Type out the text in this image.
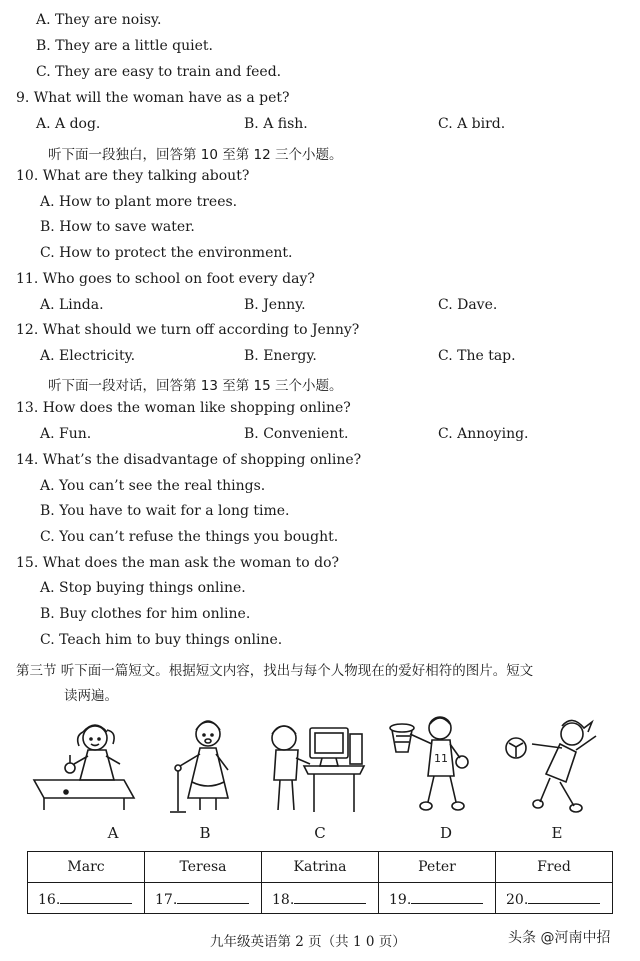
A. They are noisy.
B. They are a little quiet.
C. They are easy to train and feed.
9. What will the woman have as a pet?
A. A dog.	B. A fish.	C. A bird.
听下面一段独白，回答第 10 至第 12 三个小题。
10. What are they talking about?
A. How to plant more trees.
B. How to save water.
C. How to protect the environment.
11. Who goes to school on foot every day?
A. Linda.	B. Jenny.	C. Dave.
12. What should we turn off according to Jenny?
A. Electricity.	B. Energy.	C. The tap.
听下面一段对话，回答第 13 至第 15 三个小题。
13. How does the woman like shopping online?
A. Fun.	B. Convenient.	C. Annoying.
14. What’s the disadvantage of shopping online?
A. You can’t see the real things.
B. You have to wait for a long time.
C. You can’t refuse the things you bought.
15. What does the man ask the woman to do?
A. Stop buying things online.
B. Buy clothes for him online.
C. Teach him to buy things online.
第三节 听下面一篇短文。根据短文内容，找出与每个人物现在的爱好相符的图片。短文
读两遍。
11
A	B	C	D	E
Marc	Teresa	Katrina	Peter	Fred
16.	17.	18.	19.	20.
九年级英语第 2 页（共 1 0 页）	头条 @河南中招
